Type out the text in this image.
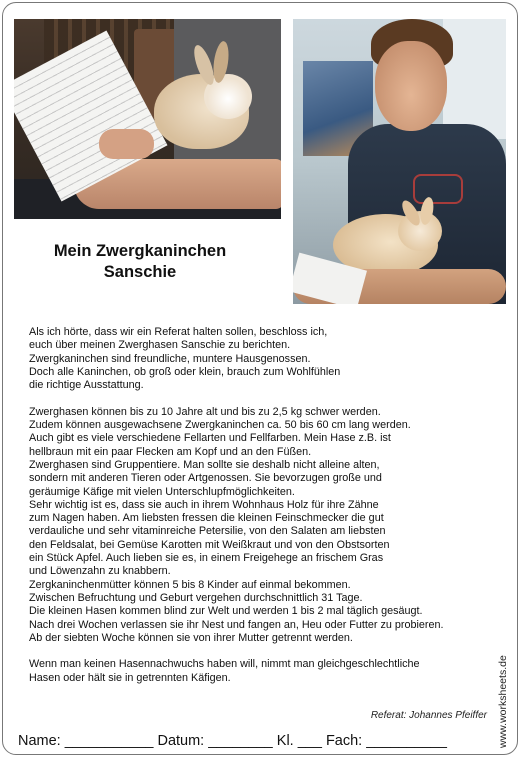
Mein Zwergkaninchen
Sanschie
Als ich hörte, dass wir ein Referat halten sollen, beschloss ich,
euch über meinen Zwerghasen Sanschie zu berichten.
Zwergkaninchen sind freundliche, muntere Hausgenossen.
Doch alle Kaninchen, ob groß oder klein, brauch zum Wohlfühlen
die richtige Ausstattung.
Zwerghasen können bis zu 10 Jahre alt und bis zu 2,5 kg schwer werden.
Zudem können ausgewachsene Zwergkaninchen ca. 50 bis 60 cm lang werden.
Auch gibt es viele verschiedene Fellarten und Fellfarben. Mein Hase z.B. ist
hellbraun mit ein paar Flecken am Kopf und an den Füßen.
Zwerghasen sind Gruppentiere. Man sollte sie deshalb nicht alleine alten,
sondern mit anderen Tieren oder Artgenossen. Sie bevorzugen große und
geräumige Käfige mit vielen Unterschlupfmöglichkeiten.
Sehr wichtig ist es, dass sie auch in ihrem Wohnhaus Holz für ihre Zähne
zum Nagen haben. Am liebsten fressen die kleinen Feinschmecker die gut
verdauliche und sehr vitaminreiche Petersilie, von den Salaten am liebsten
den Feldsalat, bei Gemüse Karotten mit Weißkraut und von den Obstsorten
ein Stück Apfel. Auch lieben sie es, in einem Freigehege an frischem Gras
und Löwenzahn zu knabbern.
Zergkaninchenmütter können 5 bis 8 Kinder auf einmal bekommen.
Zwischen Befruchtung und Geburt vergehen durchschnittlich 31 Tage.
Die kleinen Hasen kommen blind zur Welt und werden 1 bis 2 mal täglich gesäugt.
Nach drei Wochen verlassen sie ihr Nest und fangen an, Heu oder Futter zu probieren.
Ab der siebten Woche können sie von ihrer Mutter getrennt werden.
Wenn man keinen Hasennachwuchs haben will, nimmt man gleichgeschlechtliche
Hasen oder hält sie in getrennten Käfigen.
Referat: Johannes Pfeiffer
Name: ___________ Datum: ________ Kl. ___ Fach: __________	www.worksheets.de
